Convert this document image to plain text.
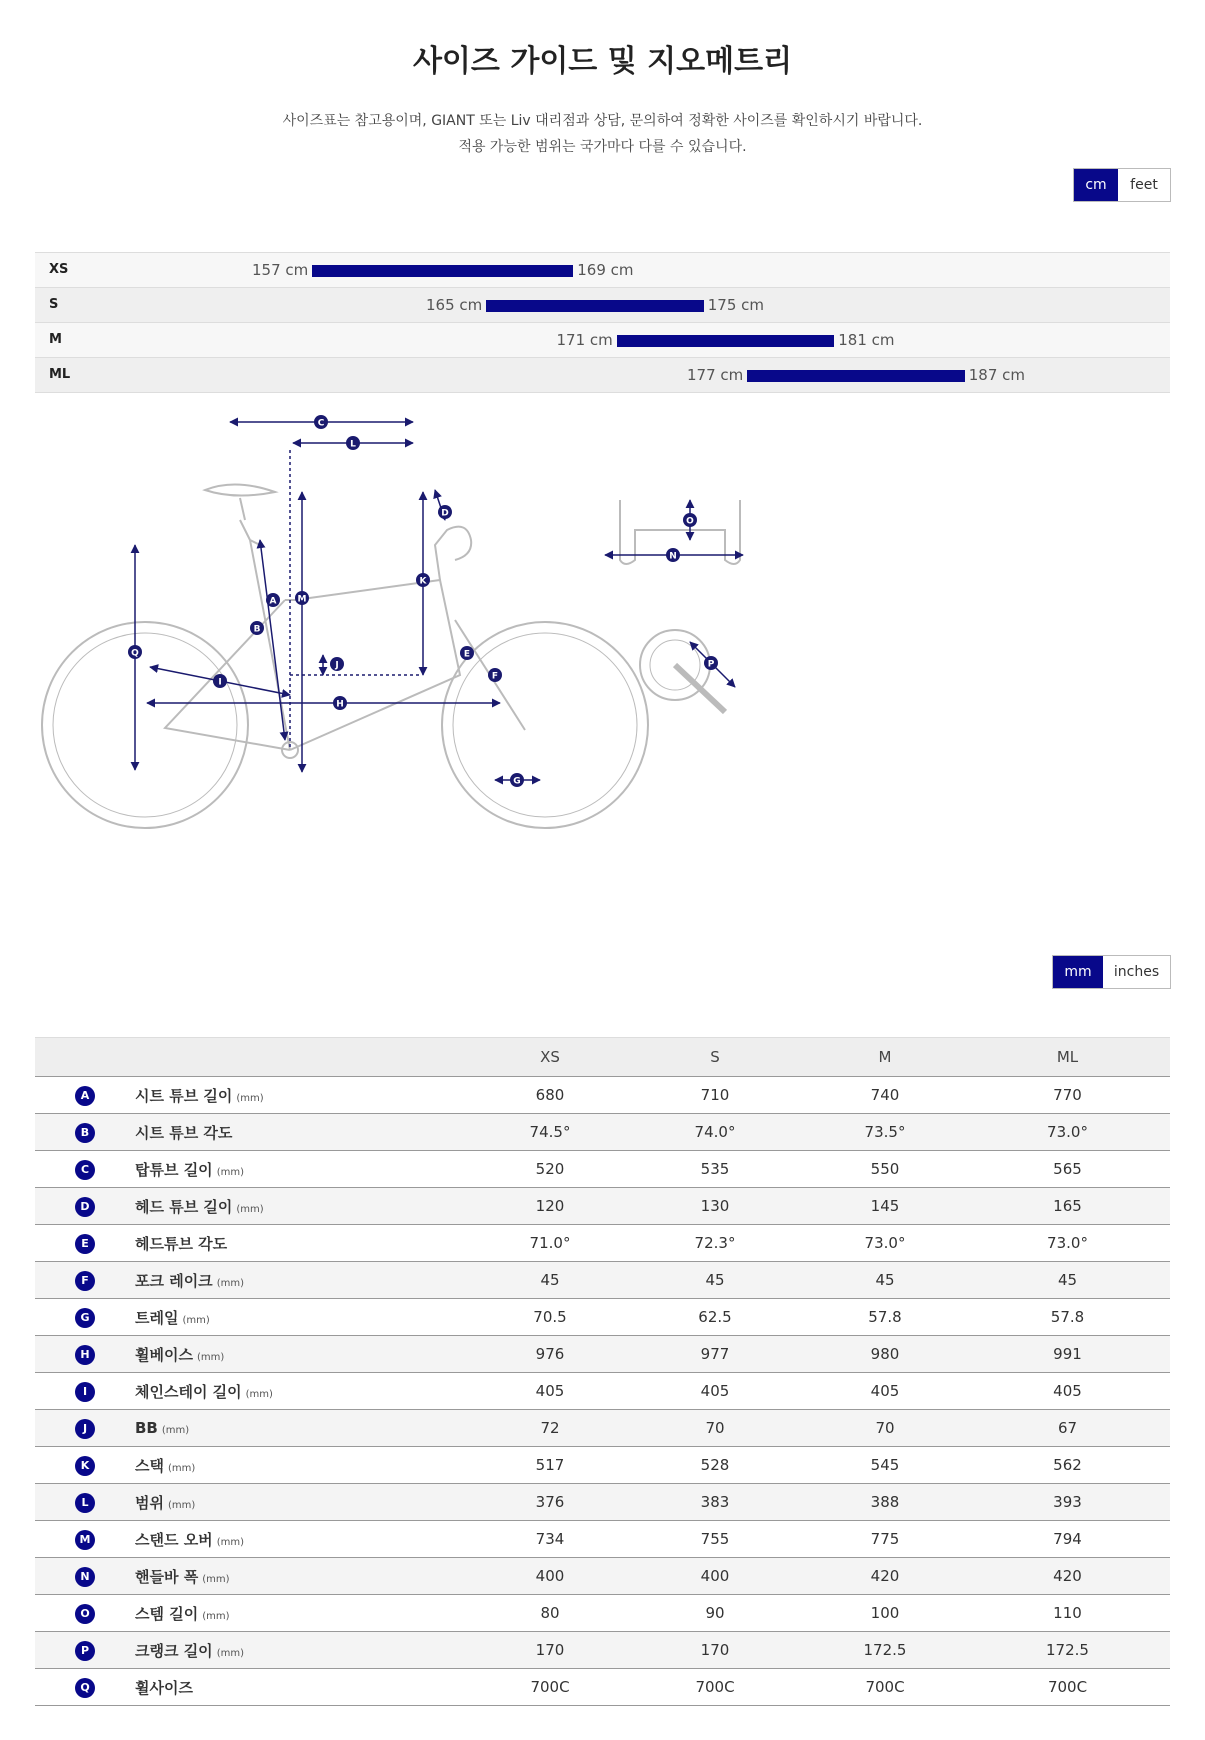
사이즈 가이드 및 지오메트리
사이즈표는 참고용이며, GIANT 또는 Liv 대리점과 상담, 문의하여 정확한 사이즈를 확인하시기 바랍니다.
적용 가능한 범위는 국가마다 다를 수 있습니다.
cm	feet
XS	157 cm	169 cm
S	165 cm	175 cm
M	171 cm	181 cm
ML	177 cm	187 cm
A
B
C
D
E
F
G
H
I
J
K
L
M
N
O
P
Q
mm	inches
		XS	S	M	ML
A	시트 튜브 길이 (mm)	680	710	740	770
B	시트 튜브 각도	74.5°	74.0°	73.5°	73.0°
C	탑튜브 길이 (mm)	520	535	550	565
D	헤드 튜브 길이 (mm)	120	130	145	165
E	헤드튜브 각도	71.0°	72.3°	73.0°	73.0°
F	포크 레이크 (mm)	45	45	45	45
G	트레일 (mm)	70.5	62.5	57.8	57.8
H	휠베이스 (mm)	976	977	980	991
I	체인스테이 길이 (mm)	405	405	405	405
J	BB (mm)	72	70	70	67
K	스택 (mm)	517	528	545	562
L	범위 (mm)	376	383	388	393
M	스탠드 오버 (mm)	734	755	775	794
N	핸들바 폭 (mm)	400	400	420	420
O	스템 길이 (mm)	80	90	100	110
P	크랭크 길이 (mm)	170	170	172.5	172.5
Q	휠사이즈	700C	700C	700C	700C
